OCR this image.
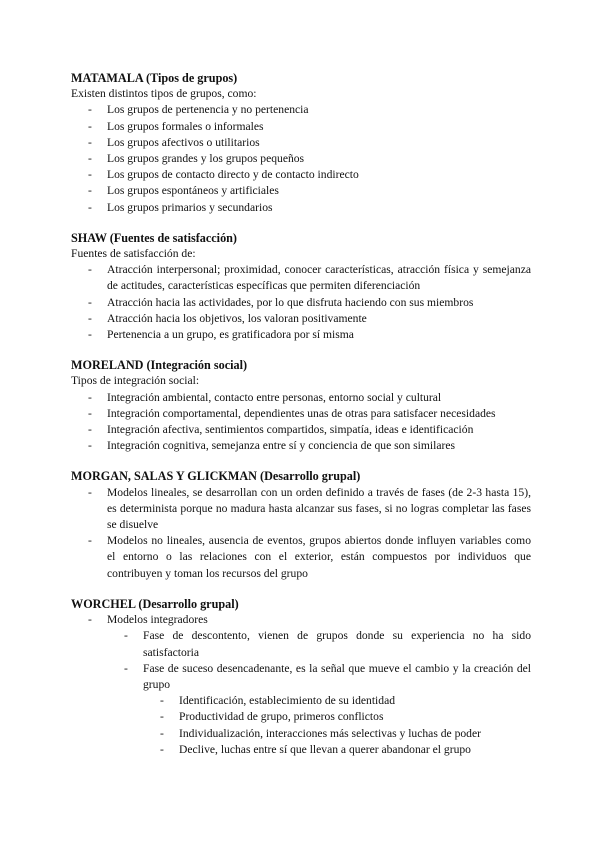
MATAMALA (Tipos de grupos)

Existen distintos tipos de grupos, como:

- Los grupos de pertenencia y no pertenencia
- Los grupos formales o informales
- Los grupos afectivos o utilitarios
- Los grupos grandes y los grupos pequeños
- Los grupos de contacto directo y de contacto indirecto
- Los grupos espontáneos y artificiales
- Los grupos primarios y secundarios

SHAW (Fuentes de satisfacción)

Fuentes de satisfacción de:

- Atracción interpersonal; proximidad, conocer características, atracción física y semejanza de actitudes, características específicas que permiten diferenciación
- Atracción hacia las actividades, por lo que disfruta haciendo con sus miembros
- Atracción hacia los objetivos, los valoran positivamente
- Pertenencia a un grupo, es gratificadora por sí misma

MORELAND (Integración social)

Tipos de integración social:

- Integración ambiental, contacto entre personas, entorno social y cultural
- Integración comportamental, dependientes unas de otras para satisfacer necesidades
- Integración afectiva, sentimientos compartidos, simpatía, ideas e identificación
- Integración cognitiva, semejanza entre sí y conciencia de que son similares

MORGAN, SALAS Y GLICKMAN (Desarrollo grupal)

- Modelos lineales, se desarrollan con un orden definido a través de fases (de 2-3 hasta 15), es determinista porque no madura hasta alcanzar sus fases, si no logras completar las fases se disuelve
- Modelos no lineales, ausencia de eventos, grupos abiertos donde influyen variables como el entorno o las relaciones con el exterior, están compuestos por individuos que contribuyen y toman los recursos del grupo

WORCHEL (Desarrollo grupal)

- Modelos integradores
- Fase de descontento, vienen de grupos donde su experiencia no ha sido satisfactoria
- Fase de suceso desencadenante, es la señal que mueve el cambio y la creación del grupo
- Identificación, establecimiento de su identidad
- Productividad de grupo, primeros conflictos
- Individualización, interacciones más selectivas y luchas de poder
- Declive, luchas entre sí que llevan a querer abandonar el grupo
